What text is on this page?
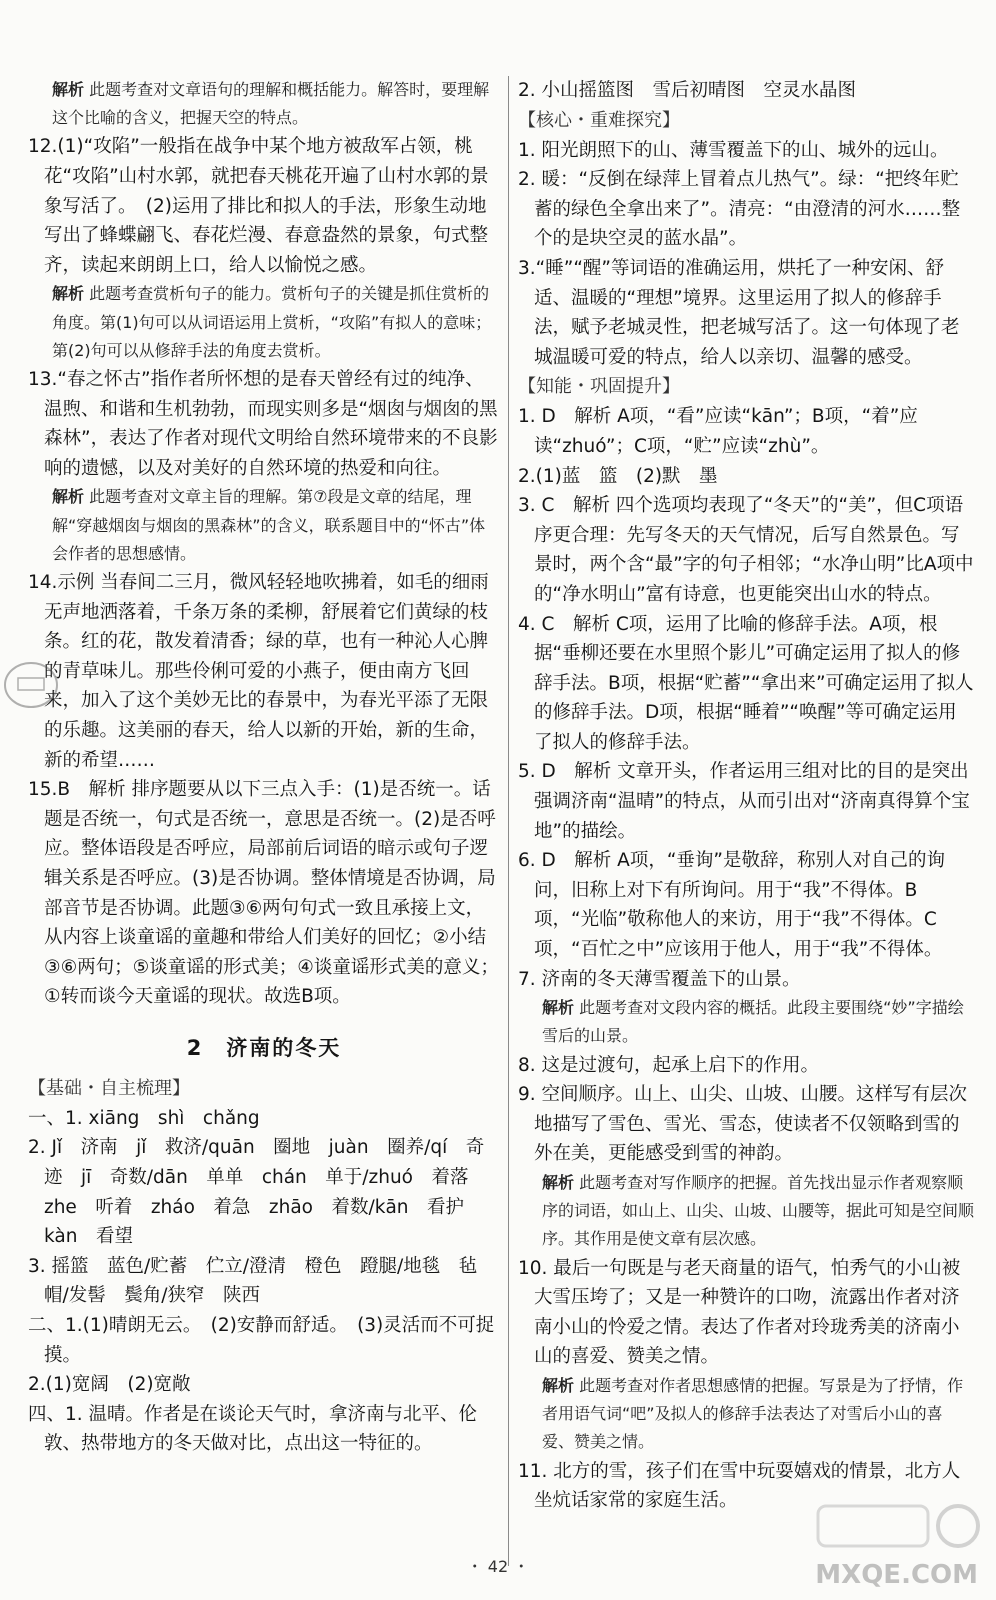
解析 此题考查对文章语句的理解和概括能力。解答时，要理解这个比喻的含义，把握天空的特点。

12.(1)“攻陷”一般指在战争中某个地方被敌军占领，桃花“攻陷”山村水郭，就把春天桃花开遍了山村水郭的景象写活了。　(2)运用了排比和拟人的手法，形象生动地写出了蜂蝶翩飞、春花烂漫、春意盎然的景象，句式整齐，读起来朗朗上口，给人以愉悦之感。

解析 此题考查赏析句子的能力。赏析句子的关键是抓住赏析的角度。第(1)句可以从词语运用上赏析，“攻陷”有拟人的意味；第(2)句可以从修辞手法的角度去赏析。

13.“春之怀古”指作者所怀想的是春天曾经有过的纯净、温煦、和谐和生机勃勃，而现实则多是“烟囱与烟囱的黑森林”，表达了作者对现代文明给自然环境带来的不良影响的遗憾，以及对美好的自然环境的热爱和向往。

解析 此题考查对文章主旨的理解。第⑦段是文章的结尾，理解“穿越烟囱与烟囱的黑森林”的含义，联系题目中的“怀古”体会作者的思想感情。

14.示例 当春间二三月，微风轻轻地吹拂着，如毛的细雨无声地洒落着，千条万条的柔柳，舒展着它们黄绿的枝条。红的花，散发着清香；绿的草，也有一种沁人心脾的青草味儿。那些伶俐可爱的小燕子，便由南方飞回来，加入了这个美妙无比的春景中，为春光平添了无限的乐趣。这美丽的春天，给人以新的开始，新的生命，新的希望……

15.B　解析 排序题要从以下三点入手：(1)是否统一。话题是否统一，句式是否统一，意思是否统一。(2)是否呼应。整体语段是否呼应，局部前后词语的暗示或句子逻辑关系是否呼应。(3)是否协调。整体情境是否协调，局部音节是否协调。此题③⑥两句句式一致且承接上文，从内容上谈童谣的童趣和带给人们美好的回忆；②小结③⑥两句；⑤谈童谣的形式美；④谈童谣形式美的意义；①转而谈今天童谣的现状。故选B项。

2　济南的冬天

【基础・自主梳理】

一、1. xiāng　shì　chǎng

2. Jǐ　济南　jǐ　救济/quān　圈地　juàn　圈养/qí　奇迹　jī　奇数/dān　单单　chán　单于/zhuó　着落　zhe　听着　zháo　着急　zhāo　着数/kān　看护　kàn　看望

3. 摇篮　蓝色/贮蓄　伫立/澄清　橙色　蹬腿/地毯　毡帽/发髻　鬓角/狭窄　陕西

二、1.(1)晴朗无云。　(2)安静而舒适。　(3)灵活而不可捉摸。

2.(1)宽阔　(2)宽敞

四、1. 温晴。作者是在谈论天气时，拿济南与北平、伦敦、热带地方的冬天做对比，点出这一特征的。

2. 小山摇篮图　雪后初晴图　空灵水晶图

【核心・重难探究】

1. 阳光朗照下的山、薄雪覆盖下的山、城外的远山。

2. 暖：“反倒在绿萍上冒着点儿热气”。绿：“把终年贮蓄的绿色全拿出来了”。清亮：“由澄清的河水……整个的是块空灵的蓝水晶”。

3.“睡”“醒”等词语的准确运用，烘托了一种安闲、舒适、温暖的“理想”境界。这里运用了拟人的修辞手法，赋予老城灵性，把老城写活了。这一句体现了老城温暖可爱的特点，给人以亲切、温馨的感受。

【知能・巩固提升】

1. D　解析 A项，“看”应读“kān”；B项，“着”应读“zhuó”；C项，“贮”应读“zhù”。

2.(1)蓝　篮　(2)默　墨

3. C　解析 四个选项均表现了“冬天”的“美”，但C项语序更合理：先写冬天的天气情况，后写自然景色。写景时，两个含“最”字的句子相邻；“水净山明”比A项中的“净水明山”富有诗意，也更能突出山水的特点。

4. C　解析 C项，运用了比喻的修辞手法。A项，根据“垂柳还要在水里照个影儿”可确定运用了拟人的修辞手法。B项，根据“贮蓄”“拿出来”可确定运用了拟人的修辞手法。D项，根据“睡着”“唤醒”等可确定运用了拟人的修辞手法。

5. D　解析 文章开头，作者运用三组对比的目的是突出强调济南“温晴”的特点，从而引出对“济南真得算个宝地”的描绘。

6. D　解析 A项，“垂询”是敬辞，称别人对自己的询问，旧称上对下有所询问。用于“我”不得体。B项，“光临”敬称他人的来访，用于“我”不得体。C项，“百忙之中”应该用于他人，用于“我”不得体。

7. 济南的冬天薄雪覆盖下的山景。

解析 此题考查对文段内容的概括。此段主要围绕“妙”字描绘雪后的山景。

8. 这是过渡句，起承上启下的作用。

9. 空间顺序。山上、山尖、山坡、山腰。这样写有层次地描写了雪色、雪光、雪态，使读者不仅领略到雪的外在美，更能感受到雪的神韵。

解析 此题考查对写作顺序的把握。首先找出显示作者观察顺序的词语，如山上、山尖、山坡、山腰等，据此可知是空间顺序。其作用是使文章有层次感。

10. 最后一句既是与老天商量的语气，怕秀气的小山被大雪压垮了；又是一种赞许的口吻，流露出作者对济南小山的怜爱之情。表达了作者对玲珑秀美的济南小山的喜爱、赞美之情。

解析 此题考查对作者思想感情的把握。写景是为了抒情，作者用语气词“吧”及拟人的修辞手法表达了对雪后小山的喜爱、赞美之情。

11. 北方的雪，孩子们在雪中玩耍嬉戏的情景，北方人坐炕话家常的家庭生活。

・ 42 ・	MXQE.COM
